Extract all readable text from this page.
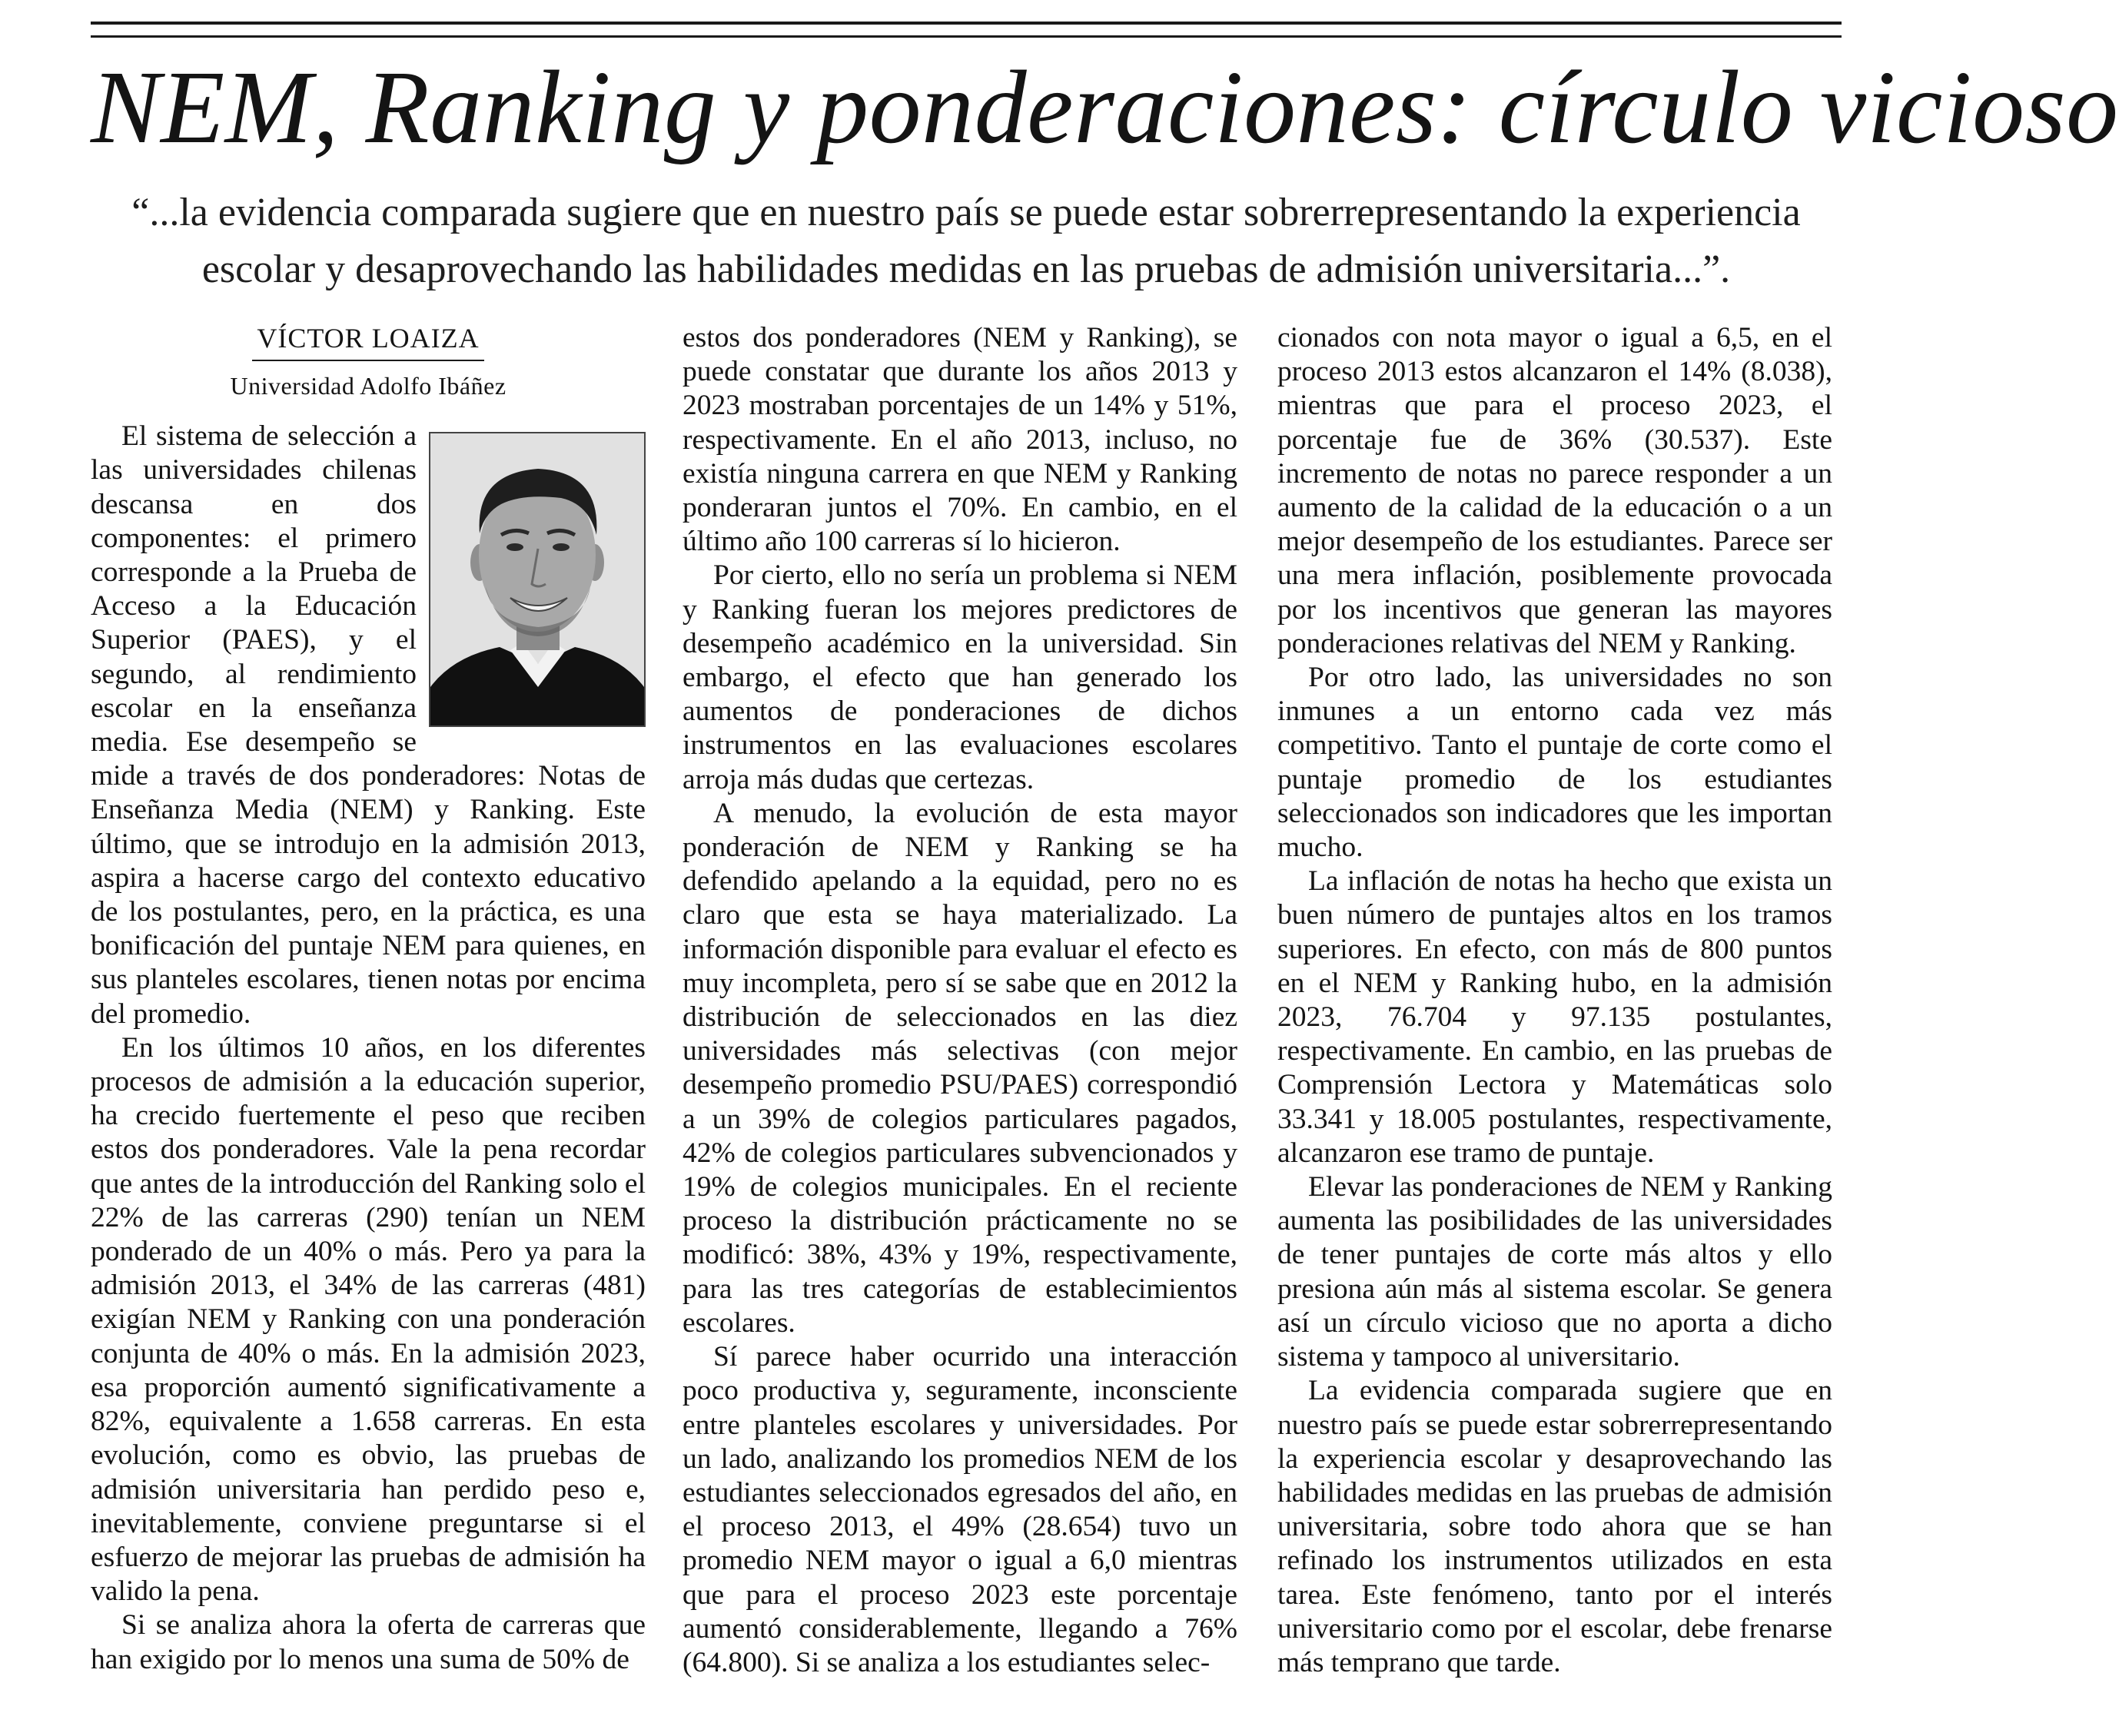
NEM, Ranking y ponderaciones: círculo vicioso

“...la evidencia comparada sugiere que en nuestro país se puede estar sobrerrepresentando la experiencia escolar y desaprovechando las habilidades medidas en las pruebas de admisión universitaria...”.

VÍCTOR LOAIZA
Universidad Adolfo Ibáñez

El sistema de selección a las universidades chilenas descansa en dos componentes: el primero corresponde a la Prueba de Acceso a la Educación Superior (PAES), y el segundo, al rendimiento escolar en la enseñanza media. Ese desempeño se mide a través de dos ponderadores: Notas de Enseñanza Media (NEM) y Ranking. Este último, que se introdujo en la admisión 2013, aspira a hacerse cargo del contexto educativo de los postulantes, pero, en la práctica, es una bonificación del puntaje NEM para quienes, en sus planteles escolares, tienen notas por encima del promedio.

En los últimos 10 años, en los diferentes procesos de admisión a la educación superior, ha crecido fuertemente el peso que reciben estos dos ponderadores. Vale la pena recordar que antes de la introducción del Ranking solo el 22% de las carreras (290) tenían un NEM ponderado de un 40% o más. Pero ya para la admisión 2013, el 34% de las carreras (481) exigían NEM y Ranking con una ponderación conjunta de 40% o más. En la admisión 2023, esa proporción aumentó significativamente a 82%, equivalente a 1.658 carreras. En esta evolución, como es obvio, las pruebas de admisión universitaria han perdido peso e, inevitablemente, conviene preguntarse si el esfuerzo de mejorar las pruebas de admisión ha valido la pena.

Si se analiza ahora la oferta de carreras que han exigido por lo menos una suma de 50% de

estos dos ponderadores (NEM y Ranking), se puede constatar que durante los años 2013 y 2023 mostraban porcentajes de un 14% y 51%, respectivamente. En el año 2013, incluso, no existía ninguna carrera en que NEM y Ranking ponderaran juntos el 70%. En cambio, en el último año 100 carreras sí lo hicieron.

Por cierto, ello no sería un problema si NEM y Ranking fueran los mejores predictores de desempeño académico en la universidad. Sin embargo, el efecto que han generado los aumentos de ponderaciones de dichos instrumentos en las evaluaciones escolares arroja más dudas que certezas.

A menudo, la evolución de esta mayor ponderación de NEM y Ranking se ha defendido apelando a la equidad, pero no es claro que esta se haya materializado. La información disponible para evaluar el efecto es muy incompleta, pero sí se sabe que en 2012 la distribución de seleccionados en las diez universidades más selectivas (con mejor desempeño promedio PSU/PAES) correspondió a un 39% de colegios particulares pagados, 42% de colegios particulares subvencionados y 19% de colegios municipales. En el reciente proceso la distribución prácticamente no se modificó: 38%, 43% y 19%, respectivamente, para las tres categorías de establecimientos escolares.

Sí parece haber ocurrido una interacción poco productiva y, seguramente, inconsciente entre planteles escolares y universidades. Por un lado, analizando los promedios NEM de los estudiantes seleccionados egresados del año, en el proceso 2013, el 49% (28.654) tuvo un promedio NEM mayor o igual a 6,0 mientras que para el proceso 2023 este porcentaje aumentó considerablemente, llegando a 76% (64.800). Si se analiza a los estudiantes selec-

cionados con nota mayor o igual a 6,5, en el proceso 2013 estos alcanzaron el 14% (8.038), mientras que para el proceso 2023, el porcentaje fue de 36% (30.537). Este incremento de notas no parece responder a un aumento de la calidad de la educación o a un mejor desempeño de los estudiantes. Parece ser una mera inflación, posiblemente provocada por los incentivos que generan las mayores ponderaciones relativas del NEM y Ranking.

Por otro lado, las universidades no son inmunes a un entorno cada vez más competitivo. Tanto el puntaje de corte como el puntaje promedio de los estudiantes seleccionados son indicadores que les importan mucho.

La inflación de notas ha hecho que exista un buen número de puntajes altos en los tramos superiores. En efecto, con más de 800 puntos en el NEM y Ranking hubo, en la admisión 2023, 76.704 y 97.135 postulantes, respectivamente. En cambio, en las pruebas de Comprensión Lectora y Matemáticas solo 33.341 y 18.005 postulantes, respectivamente, alcanzaron ese tramo de puntaje.

Elevar las ponderaciones de NEM y Ranking aumenta las posibilidades de las universidades de tener puntajes de corte más altos y ello presiona aún más al sistema escolar. Se genera así un círculo vicioso que no aporta a dicho sistema y tampoco al universitario.

La evidencia comparada sugiere que en nuestro país se puede estar sobrerrepresentando la experiencia escolar y desaprovechando las habilidades medidas en las pruebas de admisión universitaria, sobre todo ahora que se han refinado los instrumentos utilizados en esta tarea. Este fenómeno, tanto por el interés universitario como por el escolar, debe frenarse más temprano que tarde.
